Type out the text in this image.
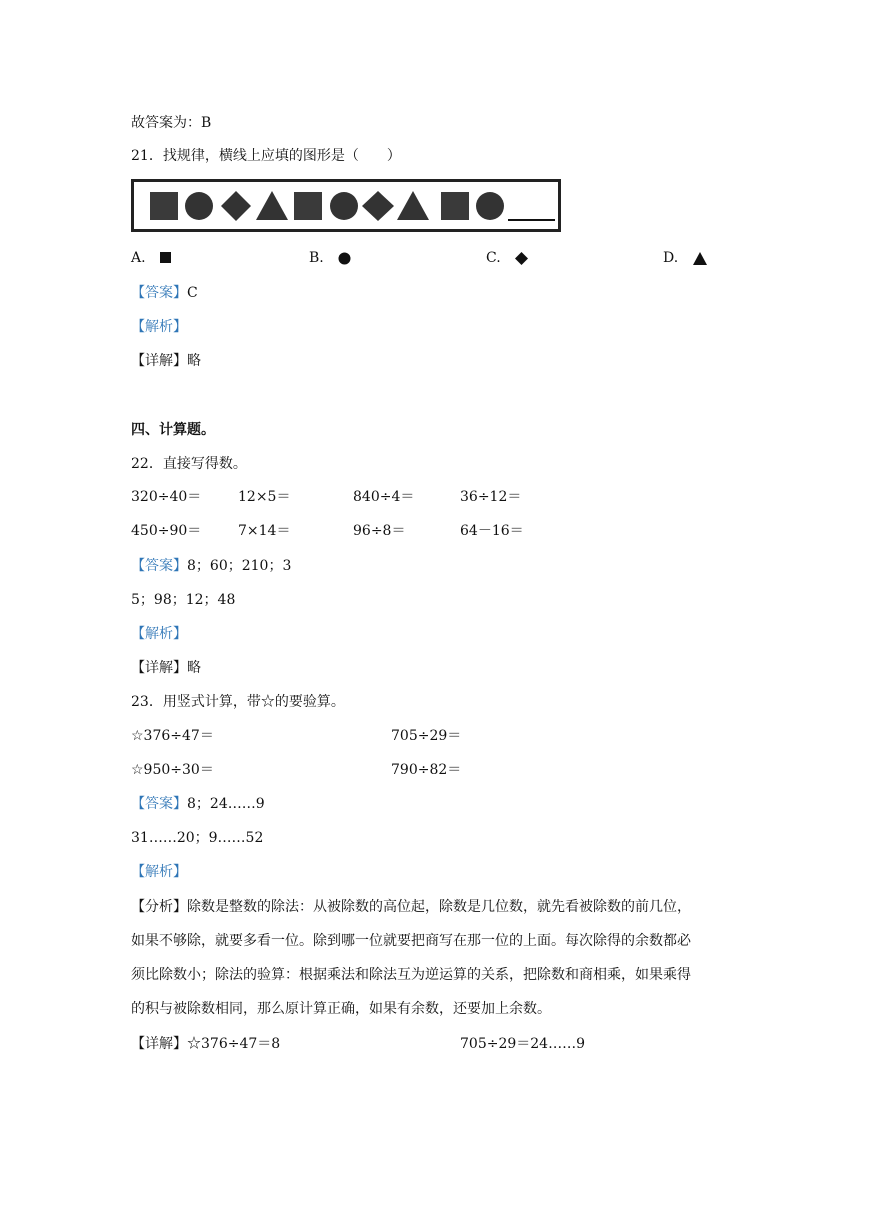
故答案为：B
21．找规律，横线上应填的图形是（　　）
A.	B.	C.	D.
【答案】C
【解析】
【详解】略
四、计算题。
22．直接写得数。
320÷40＝	12×5＝	840÷4＝	36÷12＝
450÷90＝	7×14＝	96÷8＝	64－16＝
【答案】8；60；210；3
5；98；12；48
【解析】
【详解】略
23．用竖式计算，带☆的要验算。
☆376÷47＝	705÷29＝
☆950÷30＝	790÷82＝
【答案】8；24……9
31……20；9……52
【解析】
【分析】除数是整数的除法：从被除数的高位起，除数是几位数，就先看被除数的前几位，
如果不够除，就要多看一位。除到哪一位就要把商写在那一位的上面。每次除得的余数都必
须比除数小；除法的验算：根据乘法和除法互为逆运算的关系，把除数和商相乘，如果乘得
的积与被除数相同，那么原计算正确，如果有余数，还要加上余数。
【详解】☆376÷47＝8	705÷29＝24……9
